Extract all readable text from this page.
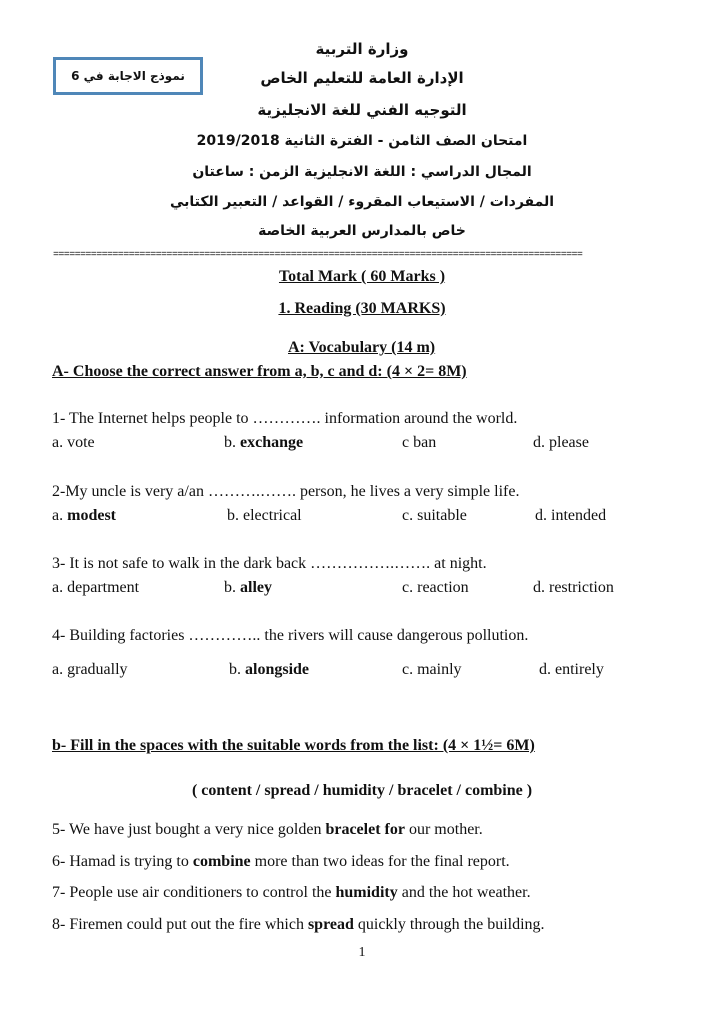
وزارة التربية
الإدارة العامة للتعليم الخاص
التوجيه الفني للغة الانجليزية
امتحان الصف الثامن - الفترة الثانية 2019/2018
المجال الدراسي : اللغة الانجليزية الزمن : ساعتان
المفردات / الاستيعاب المقروء / القواعد / التعبير الكتابي
خاص بالمدارس العربية الخاصة
نموذج الاجابة في 6
==================================================================================================
Total Mark ( 60 Marks )
1. Reading (30 MARKS)
A: Vocabulary (14 m)
A- Choose the correct answer from a, b, c and d: (4 × 2= 8M)
1- The Internet helps people to …………. information around the world.
2-My uncle is very a/an ……….……. person, he lives a very simple life.
3- It is not safe to walk in the dark back …………….……. at night.
4- Building factories ………….. the rivers will cause dangerous pollution.
a. vote	b. exchange	c ban	d. please
a. modest	b. electrical	c. suitable	d. intended
a. department	b. alley	c. reaction	d. restriction
a. gradually	b. alongside	c. mainly	d. entirely
b- Fill in the spaces with the suitable words from the list: (4 × 1½= 6M)
( content / spread / humidity / bracelet / combine )
5- We have just bought a very nice golden bracelet for our mother.
6- Hamad is trying to combine more than two ideas for the final report.
7- People use air conditioners to control the humidity and the hot weather.
8- Firemen could put out the fire which spread quickly through the building.
1
